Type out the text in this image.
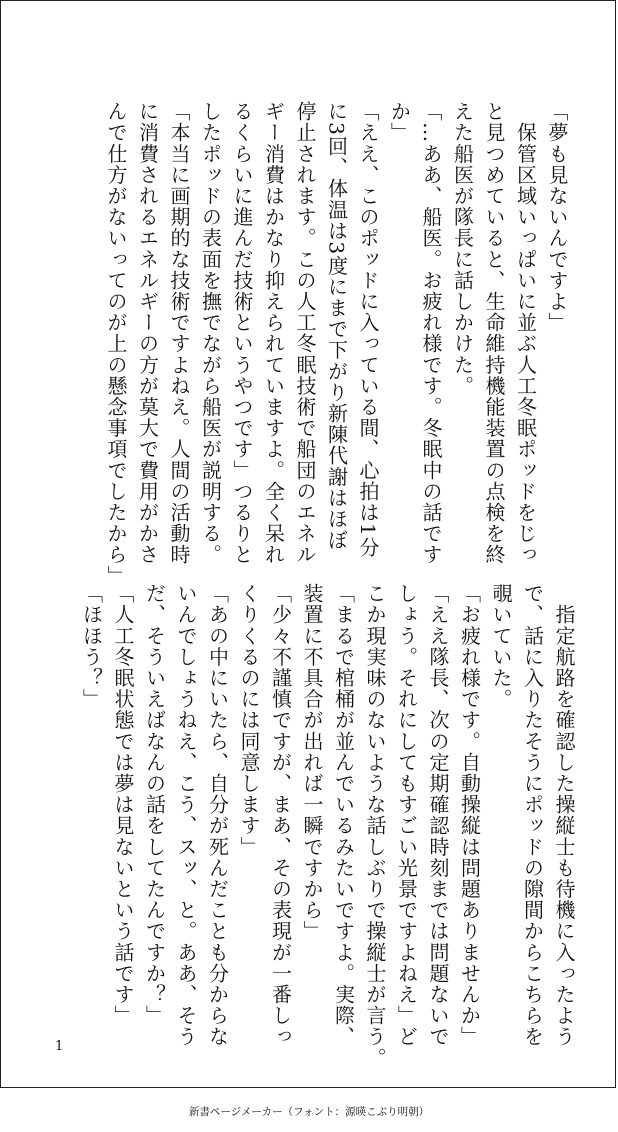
「夢も見ないんですよ」
　保管区域いっぱいに並ぶ人工冬眠ポッドをじっ
と見つめていると、生命維持機能装置の点検を終
えた船医が隊長に話しかけた。
「…ああ、船医。お疲れ様です。冬眠中の話です
か」
「ええ、このポッドに入っている間、心拍は1分
に3回、体温は3度にまで下がり新陳代謝はほぼ
停止されます。この人工冬眠技術で船団のエネル
ギー消費はかなり抑えられていますよ。全く呆れ
るくらいに進んだ技術というやつです」つるりと
したポッドの表面を撫でながら船医が説明する。
「本当に画期的な技術ですよねえ。人間の活動時
に消費されるエネルギーの方が莫大で費用がかさ
んで仕方がないってのが上の懸念事項でしたから」
　指定航路を確認した操縦士も待機に入ったよう
で、話に入りたそうにポッドの隙間からこちらを
覗いていた。
「お疲れ様です。自動操縦は問題ありませんか」
「ええ隊長、次の定期確認時刻までは問題ないで
しょう。それにしてもすごい光景ですよねえ」ど
こか現実味のないような話しぶりで操縦士が言う。
「まるで棺桶が並んでいるみたいですよ。実際、
装置に不具合が出れば一瞬ですから」
「少々不謹慎ですが、まあ、その表現が一番しっ
くりくるのには同意します」
「あの中にいたら、自分が死んだことも分からな
いんでしょうねえ、こう、スッ、と。ああ、そう
だ、そういえばなんの話をしてたんですか？」
「人工冬眠状態では夢は見ないという話です」
「ほほう？」
1
新書ページメーカー（フォント：源暎こぶり明朝）
